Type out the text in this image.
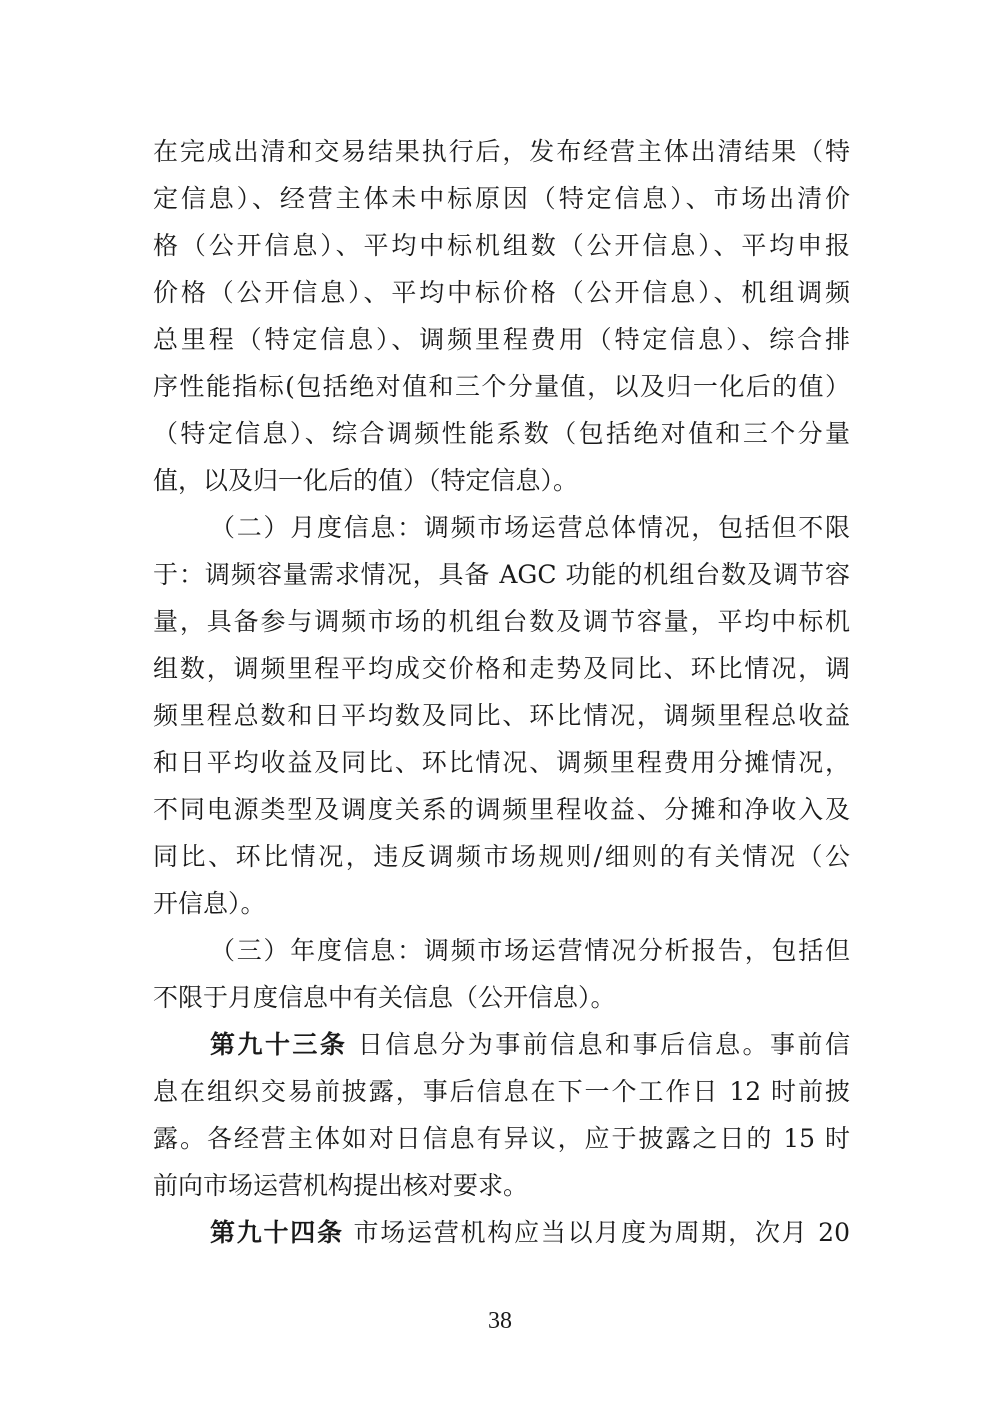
在完成出清和交易结果执行后，发布经营主体出清结果（特
定信息）、经营主体未中标原因（特定信息）、市场出清价
格（公开信息）、平均中标机组数（公开信息）、平均申报
价格（公开信息）、平均中标价格（公开信息）、机组调频
总里程（特定信息）、调频里程费用（特定信息）、综合排
序性能指标(包括绝对值和三个分量值，以及归一化后的值）
（特定信息）、综合调频性能系数（包括绝对值和三个分量
值，以及归一化后的值）（特定信息）。
（二）月度信息：调频市场运营总体情况，包括但不限
于：调频容量需求情况，具备 AGC 功能的机组台数及调节容
量，具备参与调频市场的机组台数及调节容量，平均中标机
组数，调频里程平均成交价格和走势及同比、环比情况，调
频里程总数和日平均数及同比、环比情况，调频里程总收益
和日平均收益及同比、环比情况、调频里程费用分摊情况，
不同电源类型及调度关系的调频里程收益、分摊和净收入及
同比、环比情况，违反调频市场规则/细则的有关情况（公
开信息）。
（三）年度信息：调频市场运营情况分析报告，包括但
不限于月度信息中有关信息（公开信息）。
第九十三条 日信息分为事前信息和事后信息。事前信
息在组织交易前披露，事后信息在下一个工作日 12 时前披
露。各经营主体如对日信息有异议，应于披露之日的 15 时
前向市场运营机构提出核对要求。
第九十四条 市场运营机构应当以月度为周期，次月 20
38
